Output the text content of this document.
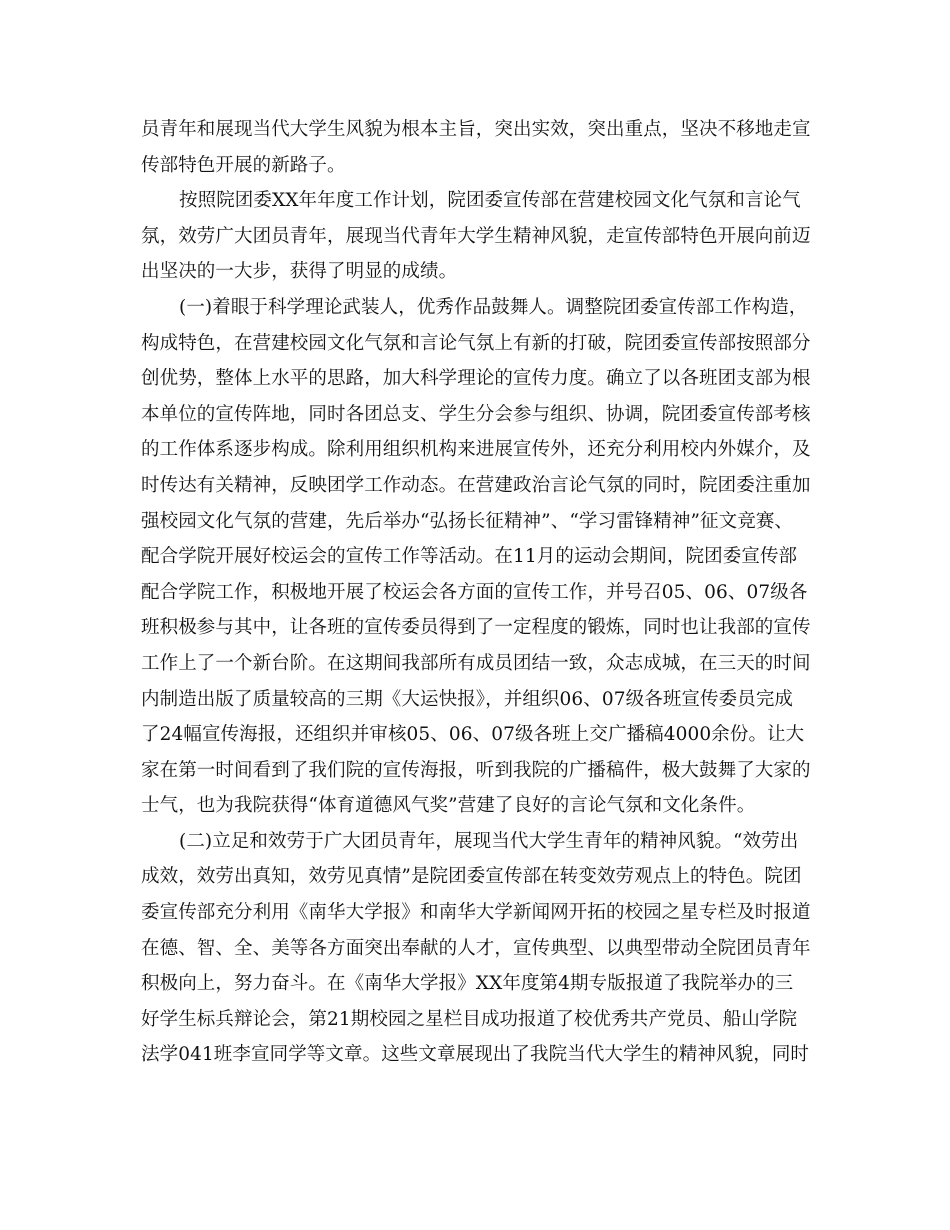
员青年和展现当代大学生风貌为根本主旨，突出实效，突出重点，坚决不移地走宣
传部特色开展的新路子。
按照院团委XX年年度工作计划，院团委宣传部在营建校园文化气氛和言论气
氛，效劳广大团员青年，展现当代青年大学生精神风貌，走宣传部特色开展向前迈
出坚决的一大步，获得了明显的成绩。
(一)着眼于科学理论武装人，优秀作品鼓舞人。调整院团委宣传部工作构造，
构成特色，在营建校园文化气氛和言论气氛上有新的打破，院团委宣传部按照部分
创优势，整体上水平的思路，加大科学理论的宣传力度。确立了以各班团支部为根
本单位的宣传阵地，同时各团总支、学生分会参与组织、协调，院团委宣传部考核
的工作体系逐步构成。除利用组织机构来进展宣传外，还充分利用校内外媒介，及
时传达有关精神，反映团学工作动态。在营建政治言论气氛的同时，院团委注重加
强校园文化气氛的营建，先后举办“弘扬长征精神”、“学习雷锋精神”征文竞赛、
配合学院开展好校运会的宣传工作等活动。在11月的运动会期间，院团委宣传部
配合学院工作，积极地开展了校运会各方面的宣传工作，并号召05、06、07级各
班积极参与其中，让各班的宣传委员得到了一定程度的锻炼，同时也让我部的宣传
工作上了一个新台阶。在这期间我部所有成员团结一致，众志成城，在三天的时间
内制造出版了质量较高的三期《大运快报》，并组织06、07级各班宣传委员完成
了24幅宣传海报，还组织并审核05、06、07级各班上交广播稿4000余份。让大
家在第一时间看到了我们院的宣传海报，听到我院的广播稿件，极大鼓舞了大家的
士气，也为我院获得“体育道德风气奖”营建了良好的言论气氛和文化条件。
(二)立足和效劳于广大团员青年，展现当代大学生青年的精神风貌。“效劳出
成效，效劳出真知，效劳见真情”是院团委宣传部在转变效劳观点上的特色。院团
委宣传部充分利用《南华大学报》和南华大学新闻网开拓的校园之星专栏及时报道
在德、智、全、美等各方面突出奉献的人才，宣传典型、以典型带动全院团员青年
积极向上，努力奋斗。在《南华大学报》XX年度第4期专版报道了我院举办的三
好学生标兵辩论会，第21期校园之星栏目成功报道了校优秀共产党员、船山学院
法学041班李宣同学等文章。这些文章展现出了我院当代大学生的精神风貌，同时
